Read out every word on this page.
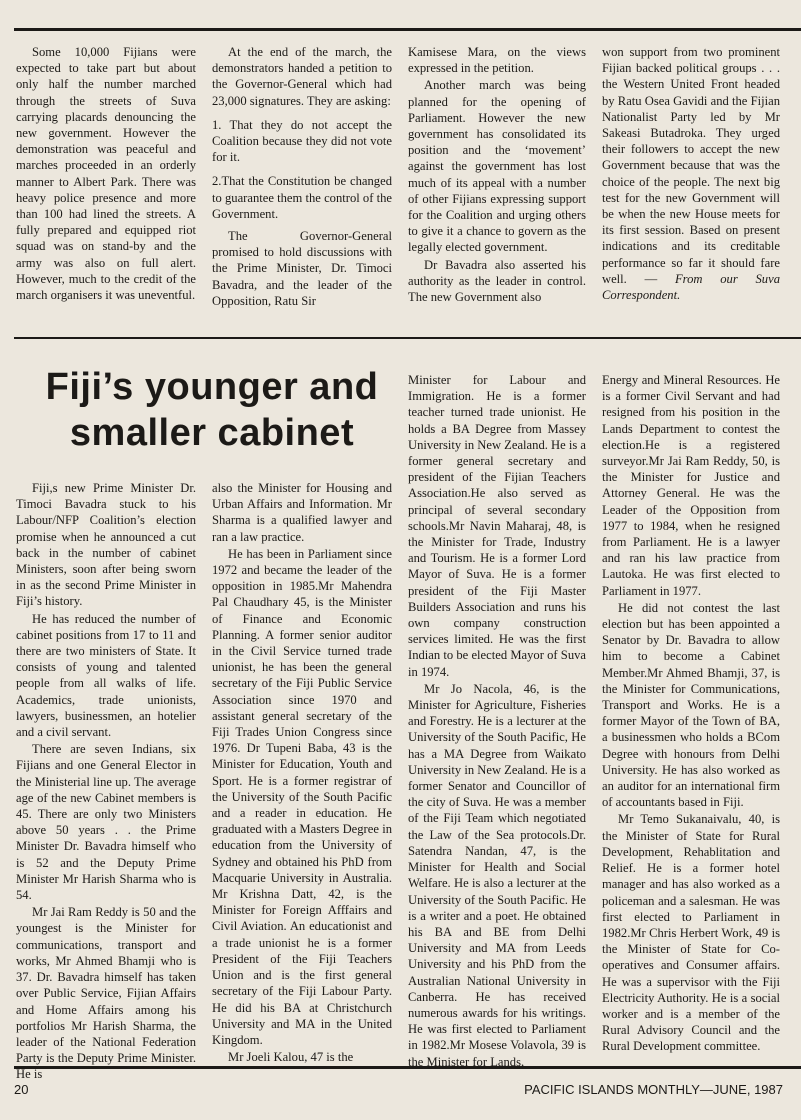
Some 10,000 Fijians were expected to take part but about only half the number marched through the streets of Suva carrying placards denouncing the new government. However the demonstration was peaceful and marches proceeded in an orderly manner to Albert Park. There was heavy police presence and more than 100 had lined the streets. A fully prepared and equipped riot squad was on stand-by and the army was also on full alert. However, much to the credit of the march organisers it was uneventful.

At the end of the march, the demonstrators handed a petition to the Governor-General which had 23,000 signatures. They are asking:

1. That they do not accept the Coalition because they did not vote for it.

2.That the Constitution be changed to guarantee them the control of the Government.

The Governor-General promised to hold discussions with the Prime Minister, Dr. Timoci Bavadra, and the leader of the Opposition, Ratu Sir

Kamisese Mara, on the views expressed in the petition.

Another march was being planned for the opening of Parliament. However the new government has consolidated its position and the ‘movement’ against the government has lost much of its appeal with a number of other Fijians expressing support for the Coalition and urging others to give it a chance to govern as the legally elected government.

Dr Bavadra also asserted his authority as the leader in control. The new Government also

won support from two prominent Fijian backed political groups . . . the Western United Front headed by Ratu Osea Gavidi and the Fijian Nationalist Party led by Mr Sakeasi Butadroka. They urged their followers to accept the new Government because that was the choice of the people. The next big test for the new Government will be when the new House meets for its first session. Based on present indications and its creditable performance so far it should fare well. — From our Suva Correspondent.

Fiji’s younger and
smaller cabinet

Fiji,s new Prime Minister Dr. Timoci Bavadra stuck to his Labour/NFP Coalition’s election promise when he announced a cut back in the number of cabinet Ministers, soon after being sworn in as the second Prime Minister in Fiji’s history.

He has reduced the number of cabinet positions from 17 to 11 and there are two ministers of State. It consists of young and talented people from all walks of life. Academics, trade unionists, lawyers, businessmen, an hotelier and a civil servant.

There are seven Indians, six Fijians and one General Elector in the Ministerial line up. The average age of the new Cabinet members is 45. There are only two Ministers above 50 years . . the Prime Minister Dr. Bavadra himself who is 52 and the Deputy Prime Minister Mr Harish Sharma who is 54.

Mr Jai Ram Reddy is 50 and the youngest is the Minister for communications, transport and works, Mr Ahmed Bhamji who is 37. Dr. Bavadra himself has taken over Public Service, Fijian Affairs and Home Affairs among his portfolios Mr Harish Sharma, the leader of the National Federation Party is the Deputy Prime Minister. He is

also the Minister for Housing and Urban Affairs and Information. Mr Sharma is a qualified lawyer and ran a law practice.

He has been in Parliament since 1972 and became the leader of the opposition in 1985.Mr Mahendra Pal Chaudhary 45, is the Minister of Finance and Economic Planning. A former senior auditor in the Civil Service turned trade unionist, he has been the general secretary of the Fiji Public Service Association since 1970 and assistant general secretary of the Fiji Trades Union Congress since 1976. Dr Tupeni Baba, 43 is the Minister for Education, Youth and Sport. He is a former registrar of the University of the South Pacific and a reader in education. He graduated with a Masters Degree in education from the University of Sydney and obtained his PhD from Macquarie University in Australia. Mr Krishna Datt, 42, is the Minister for Foreign Afffairs and Civil Aviation. An educationist and a trade unionist he is a former President of the Fiji Teachers Union and is the first general secretary of the Fiji Labour Party. He did his BA at Christchurch University and MA in the United Kingdom.

Mr Joeli Kalou, 47 is the

Minister for Labour and Immigration. He is a former teacher turned trade unionist. He holds a BA Degree from Massey University in New Zealand. He is a former general secretary and president of the Fijian Teachers Association.He also served as principal of several secondary schools.Mr Navin Maharaj, 48, is the Minister for Trade, Industry and Tourism. He is a former Lord Mayor of Suva. He is a former president of the Fiji Master Builders Association and runs his own company construction services limited. He was the first Indian to be elected Mayor of Suva in 1974.

Mr Jo Nacola, 46, is the Minister for Agriculture, Fisheries and Forestry. He is a lecturer at the University of the South Pacific, He has a MA Degree from Waikato University in New Zealand. He is a former Senator and Councillor of the city of Suva. He was a member of the Fiji Team which negotiated the Law of the Sea protocols.Dr. Satendra Nandan, 47, is the Minister for Health and Social Welfare. He is also a lecturer at the University of the South Pacific. He is a writer and a poet. He obtained his BA and BE from Delhi University and MA from Leeds University and his PhD from the Australian National University in Canberra. He has received numerous awards for his writings. He was first elected to Parliament in 1982.Mr Mosese Volavola, 39 is the Minister for Lands,

Energy and Mineral Resources. He is a former Civil Servant and had resigned from his position in the Lands Department to contest the election.He is a registered surveyor.Mr Jai Ram Reddy, 50, is the Minister for Justice and Attorney General. He was the Leader of the Opposition from 1977 to 1984, when he resigned from Parliament. He is a lawyer and ran his law practice from Lautoka. He was first elected to Parliament in 1977.

He did not contest the last election but has been appointed a Senator by Dr. Bavadra to allow him to become a Cabinet Member.Mr Ahmed Bhamji, 37, is the Minister for Communications, Transport and Works. He is a former Mayor of the Town of BA, a businessmen who holds a BCom Degree with honours from Delhi University. He has also worked as an auditor for an international firm of accountants based in Fiji.

Mr Temo Sukanaivalu, 40, is the Minister of State for Rural Development, Rehablitation and Relief. He is a former hotel manager and has also worked as a policeman and a salesman. He was first elected to Parliament in 1982.Mr Chris Herbert Work, 49 is the Minister of State for Co-operatives and Consumer affairs. He was a supervisor with the Fiji Electricity Authority. He is a social worker and is a member of the Rural Advisory Council and the Rural Development committee.

20	PACIFIC ISLANDS MONTHLY—JUNE, 1987
